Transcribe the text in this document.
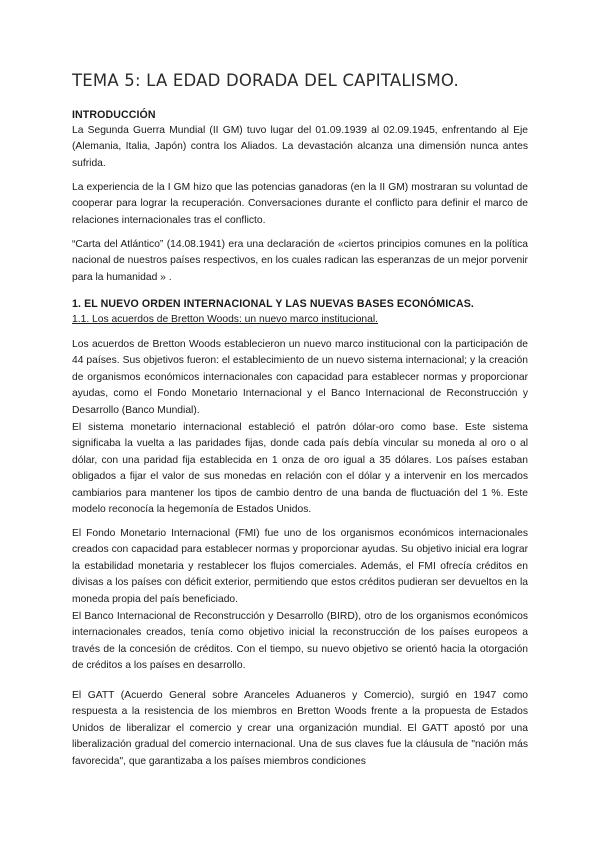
TEMA 5: LA EDAD DORADA DEL CAPITALISMO.

INTRODUCCIÓN

La Segunda Guerra Mundial (II GM) tuvo lugar del 01.09.1939 al 02.09.1945, enfrentando al Eje (Alemania, Italia, Japón) contra los Aliados. La devastación alcanza una dimensión nunca antes sufrida.

La experiencia de la I GM hizo que las potencias ganadoras (en la II GM) mostraran su voluntad de cooperar para lograr la recuperación. Conversaciones durante el conflicto para definir el marco de relaciones internacionales tras el conflicto.

“Carta del Atlántico” (14.08.1941) era una declaración de «ciertos principios comunes en la política nacional de nuestros países respectivos, en los cuales radican las esperanzas de un mejor porvenir para la humanidad » .

1. EL NUEVO ORDEN INTERNACIONAL Y LAS NUEVAS BASES ECONÓMICAS.

1.1. Los acuerdos de Bretton Woods: un nuevo marco institucional.

Los acuerdos de Bretton Woods establecieron un nuevo marco institucional con la participación de 44 países. Sus objetivos fueron: el establecimiento de un nuevo sistema internacional; y la creación de organismos económicos internacionales con capacidad para establecer normas y proporcionar ayudas, como el Fondo Monetario Internacional y el Banco Internacional de Reconstrucción y Desarrollo (Banco Mundial).

El sistema monetario internacional estableció el patrón dólar-oro como base. Este sistema significaba la vuelta a las paridades fijas, donde cada país debía vincular su moneda al oro o al dólar, con una paridad fija establecida en 1 onza de oro igual a 35 dólares. Los países estaban obligados a fijar el valor de sus monedas en relación con el dólar y a intervenir en los mercados cambiarios para mantener los tipos de cambio dentro de una banda de fluctuación del 1 %. Este modelo reconocía la hegemonía de Estados Unidos.

El Fondo Monetario Internacional (FMI) fue uno de los organismos económicos internacionales creados con capacidad para establecer normas y proporcionar ayudas. Su objetivo inicial era lograr la estabilidad monetaria y restablecer los flujos comerciales. Además, el FMI ofrecía créditos en divisas a los países con déficit exterior, permitiendo que estos créditos pudieran ser devueltos en la moneda propia del país beneficiado.

El Banco Internacional de Reconstrucción y Desarrollo (BIRD), otro de los organismos económicos internacionales creados, tenía como objetivo inicial la reconstrucción de los países europeos a través de la concesión de créditos. Con el tiempo, su nuevo objetivo se orientó hacia la otorgación de créditos a los países en desarrollo.

El GATT (Acuerdo General sobre Aranceles Aduaneros y Comercio), surgió en 1947 como respuesta a la resistencia de los miembros en Bretton Woods frente a la propuesta de Estados Unidos de liberalizar el comercio y crear una organización mundial. El GATT apostó por una liberalización gradual del comercio internacional. Una de sus claves fue la cláusula de "nación más favorecida", que garantizaba a los países miembros condiciones
